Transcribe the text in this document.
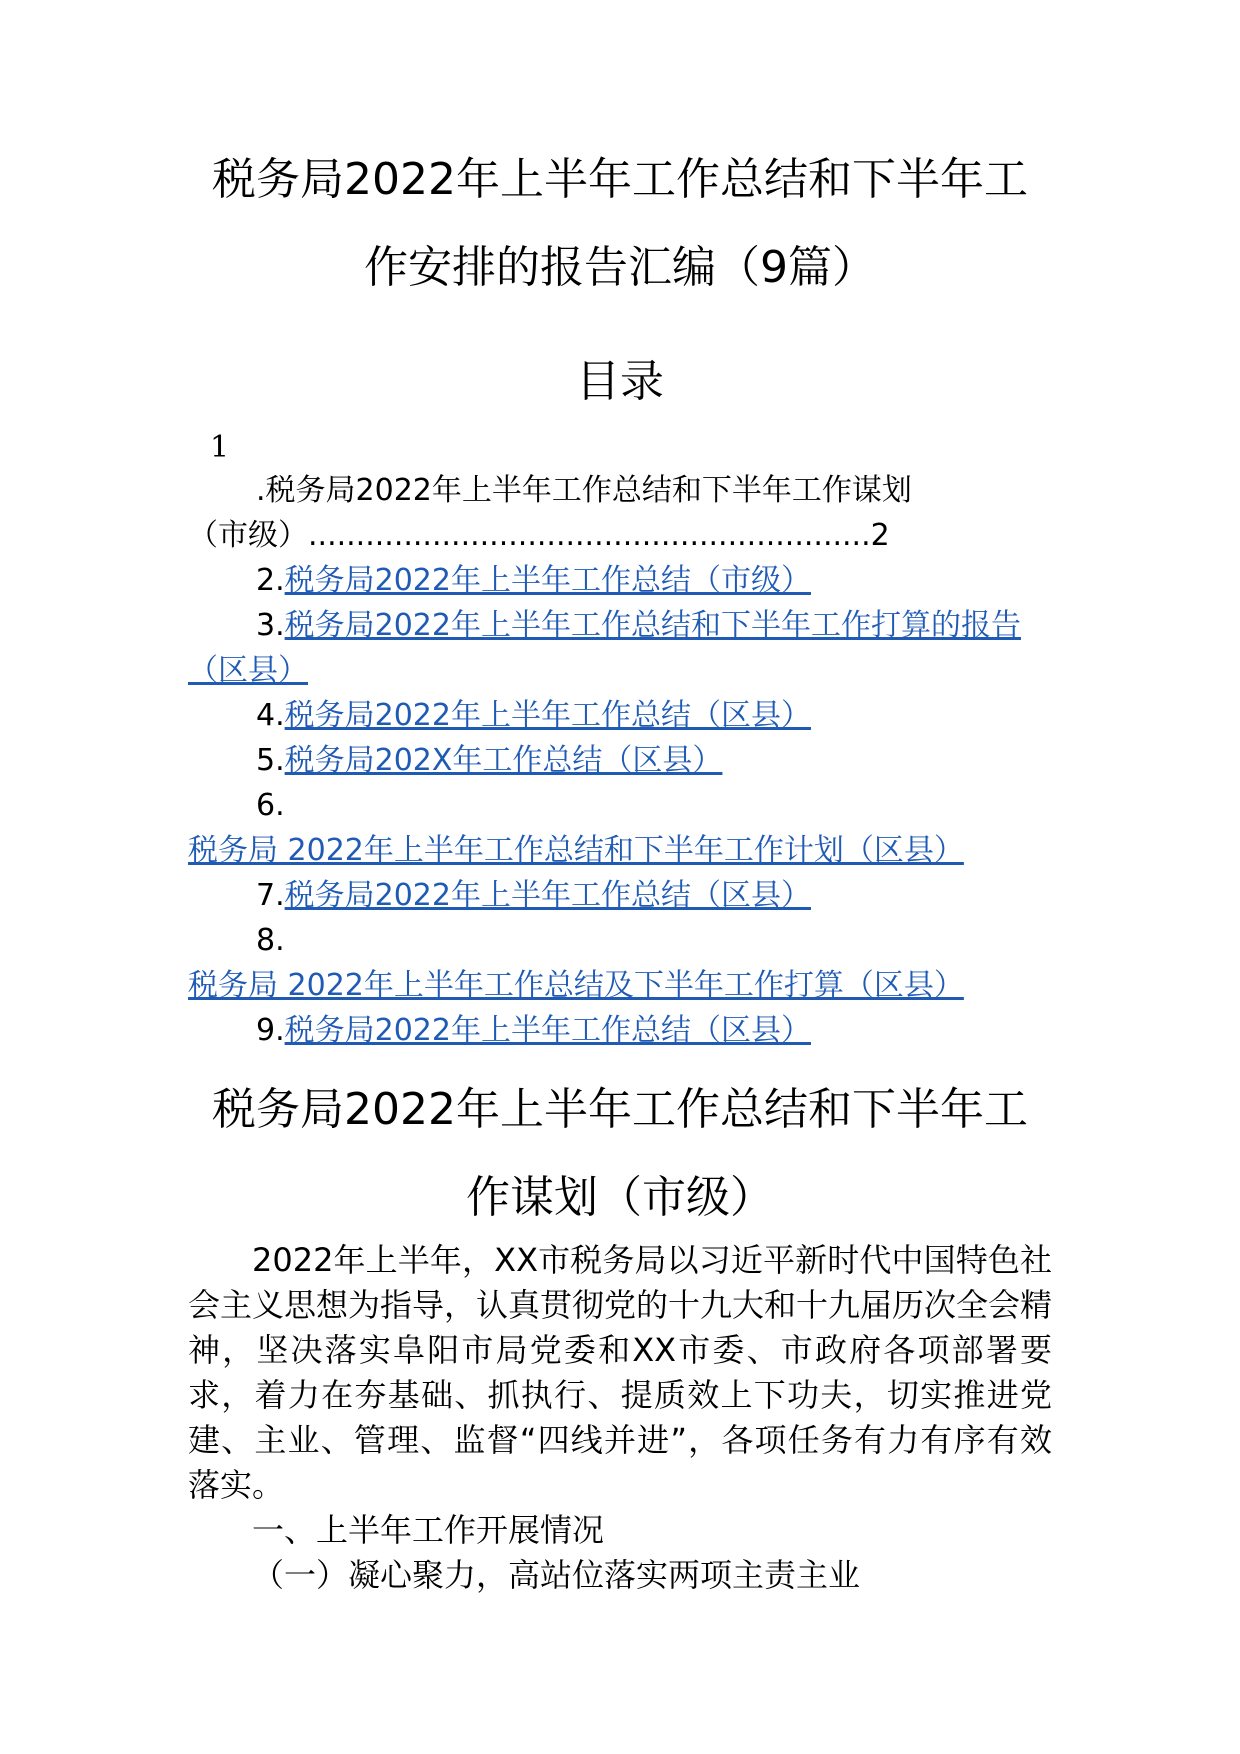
税务局2022年上半年工作总结和下半年工
作安排的报告汇编（9篇）
目录
1

.税务局2022年上半年工作总结和下半年工作谋划
（市级）...........................................................2

2.税务局2022年上半年工作总结（市级）

3.税务局2022年上半年工作总结和下半年工作打算的报告（区县）

4.税务局2022年上半年工作总结（区县）

5.税务局202X年工作总结（区县）

6.税务局 2022年上半年工作总结和下半年工作计划（区县）

7.税务局2022年上半年工作总结（区县）

8.税务局 2022年上半年工作总结及下半年工作打算（区县）

9.税务局2022年上半年工作总结（区县）

税务局2022年上半年工作总结和下半年工
作谋划（市级）

2022年上半年，XX市税务局以习近平新时代中国特色社会主义思想为指导，认真贯彻党的十九大和十九届历次全会精神，坚决落实阜阳市局党委和XX市委、市政府各项部署要求，着力在夯基础、抓执行、提质效上下功夫，切实推进党建、主业、管理、监督“四线并进”，各项任务有力有序有效落实。

一、上半年工作开展情况

（一）凝心聚力，高站位落实两项主责主业
